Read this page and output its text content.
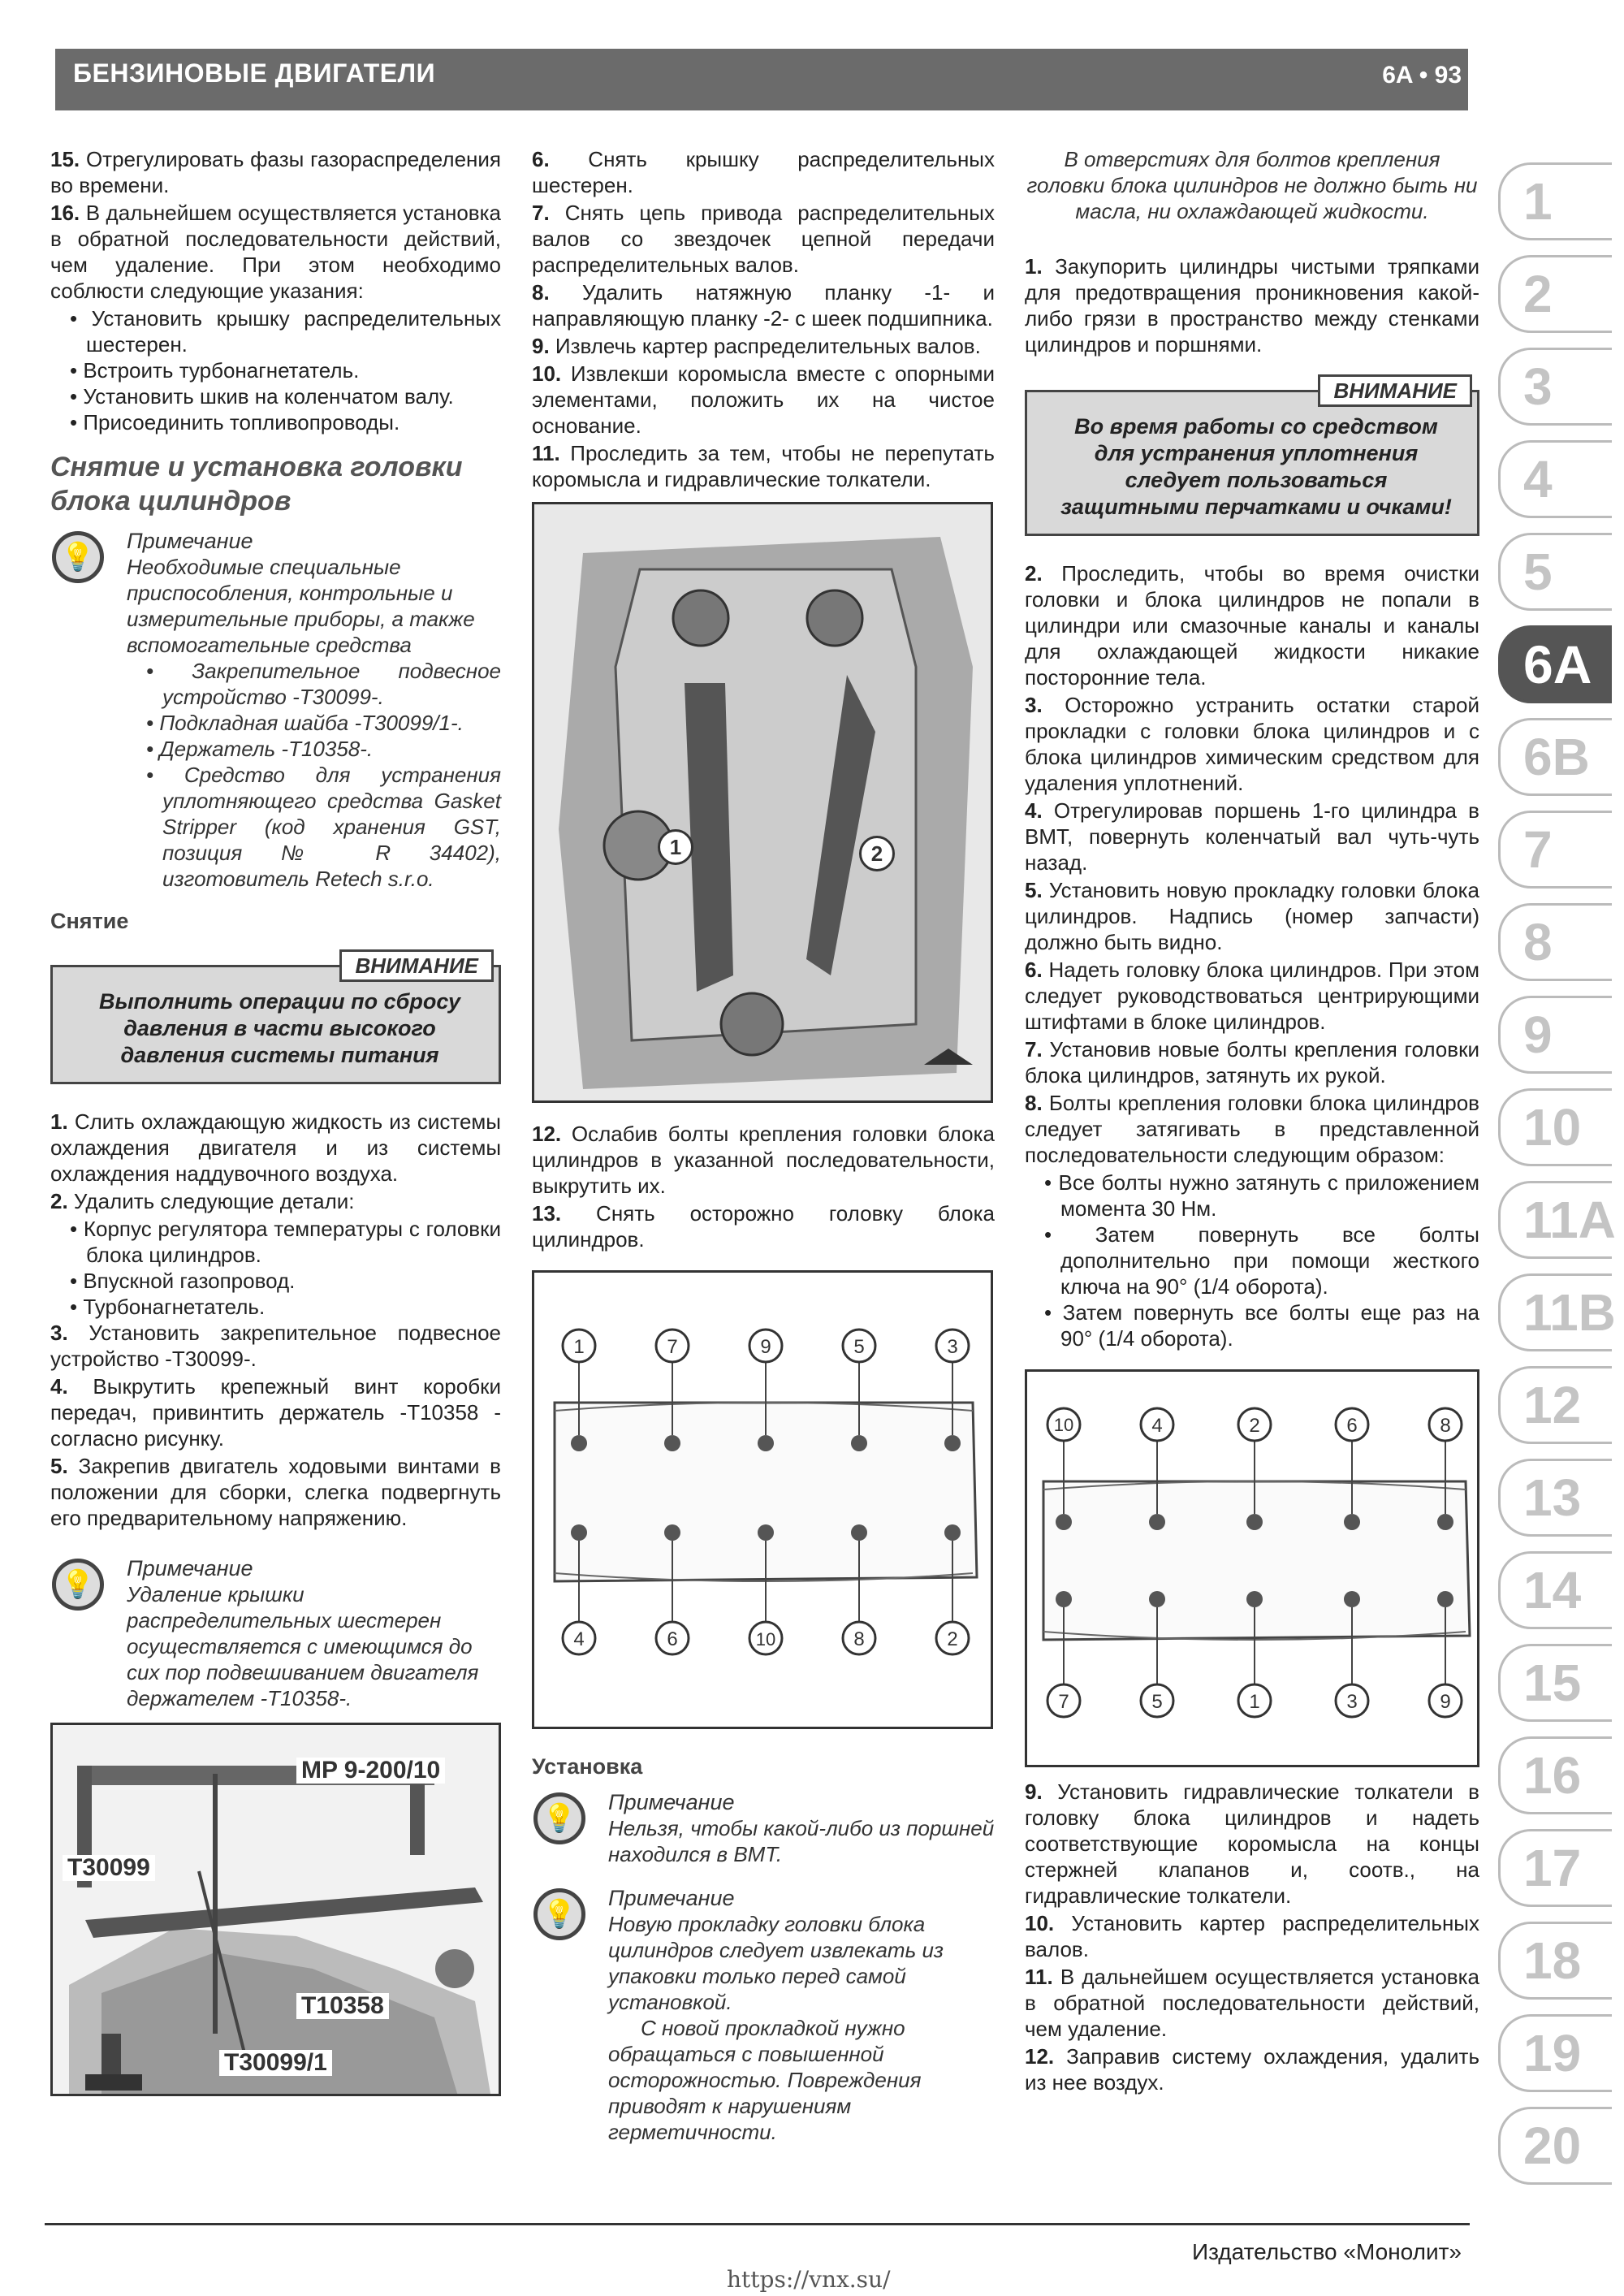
БЕНЗИНОВЫЕ ДВИГАТЕЛИ	6A • 93
15. Отрегулировать фазы газораспределения во времени.
16. В дальнейшем осуществляется установка в обратной последовательности действий, чем удаление. При этом необходимо соблюсти следующие указания:
• Установить крышку распределительных шестерен.
• Встроить турбонагнетатель.
• Установить шкив на коленчатом валу.
• Присоединить топливопроводы.
Снятие и установка головки блока цилиндров
💡
Примечание
Необходимые специальные приспособления, контрольные и измерительные приборы, а также вспомогательные средства
• Закрепительное подвесное устройство -T30099-.
• Подкладная шайба -T30099/1-.
• Держатель -T10358-.
• Средство для устранения уплотняющего средства Gasket Stripper (код хранения GST, позиция № R 34402), изготовитель Retech s.r.o.
Снятие
ВНИМАНИЕ
Выполнить операции по сбросу давления в части высокого давления системы питания
1. Слить охлаждающую жидкость из системы охлаждения двигателя и из системы охлаждения наддувочного воздуха.
2. Удалить следующие детали:
• Корпус регулятора температуры с головки блока цилиндров.
• Впускной газопровод.
• Турбонагнетатель.
3. Установить закрепительное подвесное устройство -T30099-.
4. Выкрутить крепежный винт коробки передач, привинтить держатель -T10358 - согласно рисунку.
5. Закрепив двигатель ходовыми винтами в положении для сборки, слегка подвергнуть его предварительному напряжению.
💡
Примечание
Удаление крышки распределительных шестерен осуществляется с имеющимся до сих пор подвешиванием двигателя держателем -T10358-.
MP 9-200/10
T30099
T10358
T30099/1
6. Снять крышку распределительных шестерен.
7. Снять цепь привода распределительных валов со звездочек цепной передачи распределительных валов.
8. Удалить натяжную планку -1- и направляющую планку -2- с шеек подшипника.
9. Извлечь картер распределительных валов.
10. Извлекши коромысла вместе с опорными элементами, положить их на чистое основание.
11. Проследить за тем, чтобы не перепутать коромысла и гидравлические толкатели.
1	2
12. Ослабив болты крепления головки блока цилиндров в указанной последовательности, выкрутить их.
13. Снять осторожно головку блока цилиндров.
1	7	9	5	3
4	6	10	8	2
Установка
💡
Примечание
Нельзя, чтобы какой-либо из поршней находился в ВМТ.
💡
Примечание
Новую прокладку головки блока цилиндров следует извлекать из упаковки только перед самой установкой.
С новой прокладкой нужно обращаться с повышенной осторожностью. Повреждения приводят к нарушениям герметичности.
В отверстиях для болтов крепления головки блока цилиндров не должно быть ни масла, ни охлаждающей жидкости.
1. Закупорить цилиндры чистыми тряпками для предотвращения проникновения какой-либо грязи в пространство между стенками цилиндров и поршнями.
ВНИМАНИЕ
Во время работы со средством для устранения уплотнения следует пользоваться защитными перчатками и очками!
2. Проследить, чтобы во время очистки головки и блока цилиндров не попали в цилиндри или смазочные каналы и каналы для охлаждающей жидкости никакие посторонние тела.
3. Осторожно устранить остатки старой прокладки с головки блока цилиндров и с блока цилиндров химическим средством для удаления уплотнений.
4. Отрегулировав поршень 1-го цилиндра в ВМТ, повернуть коленчатый вал чуть-чуть назад.
5. Установить новую прокладку головки блока цилиндров. Надпись (номер запчасти) должно быть видно.
6. Надеть головку блока цилиндров. При этом следует руководствоваться центрирующими штифтами в блоке цилиндров.
7. Установив новые болты крепления головки блока цилиндров, затянуть их рукой.
8. Болты крепления головки блока цилиндров следует затягивать в представленной последовательности следующим образом:
• Все болты нужно затянуть с приложением момента 30 Нм.
• Затем повернуть все болты дополнительно при помощи жесткого ключа на 90° (1/4 оборота).
• Затем повернуть все болты еще раз на 90° (1/4 оборота).
10	4	2	6	8
7	5	1	3	9
9. Установить гидравлические толкатели в головку блока цилиндров и надеть соответствующие коромысла на концы стержней клапанов и, соотв., на гидравлические толкатели.
10. Установить картер распределительных валов.
11. В дальнейшем осуществляется установка в обратной последовательности действий, чем удаление.
12. Заправив систему охлаждения, удалить из нее воздух.
1
2
3
4
5
6A
6B
7
8
9
10
11A
11B
12
13
14
15
16
17
18
19
20
Издательство «Монолит»
https://vnx.su/
